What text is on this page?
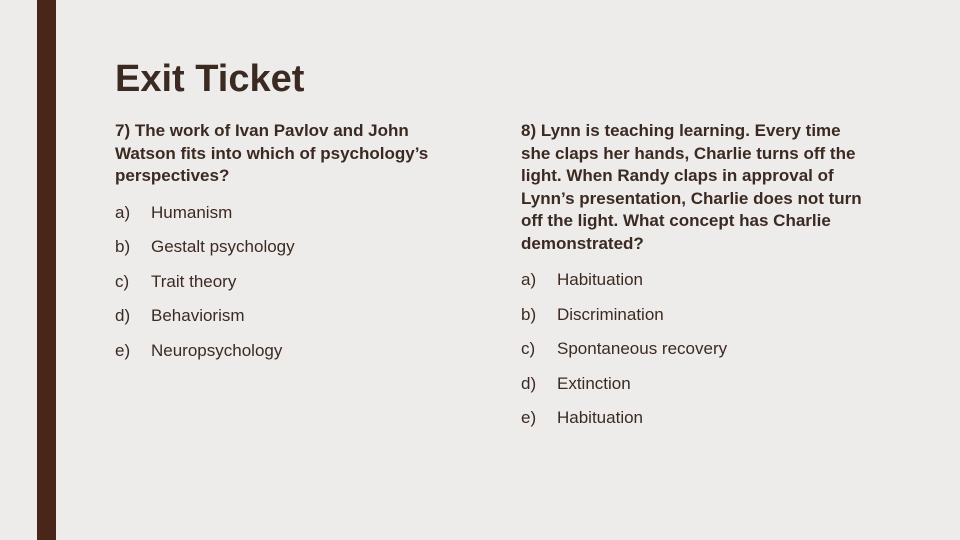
Exit Ticket

7) The work of Ivan Pavlov and John Watson fits into which of psychology’s perspectives?

a)	Humanism
b)	Gestalt psychology
c)	Trait theory
d)	Behaviorism
e)	Neuropsychology

8) Lynn is teaching learning. Every time she claps her hands, Charlie turns off the light. When Randy claps in approval of Lynn’s presentation, Charlie does not turn off the light. What concept has Charlie demonstrated?

a)	Habituation
b)	Discrimination
c)	Spontaneous recovery
d)	Extinction
e)	Habituation
